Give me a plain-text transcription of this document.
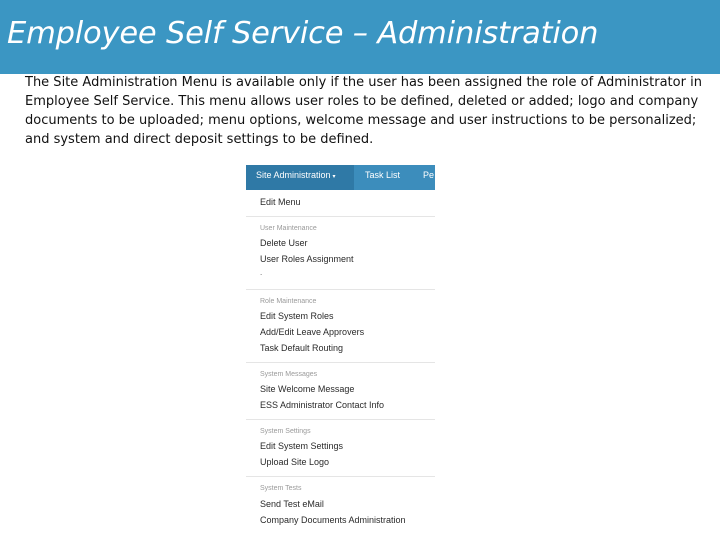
Employee Self Service – Administration
The Site Administration Menu is available only if the user has been assigned the role of Administrator in
Employee Self Service. This menu allows user roles to be defined, deleted or added; logo and company
documents to be uploaded; menu options, welcome message and user instructions to be personalized;
and system and direct deposit settings to be defined.
Site Administration ▾	Task List	Pe
Edit Menu
User Maintenance
Delete User
User Roles Assignment
.
Role Maintenance
Edit System Roles
Add/Edit Leave Approvers
Task Default Routing
System Messages
Site Welcome Message
ESS Administrator Contact Info
System Settings
Edit System Settings
Upload Site Logo
System Tests
Send Test eMail
Company Documents Administration
